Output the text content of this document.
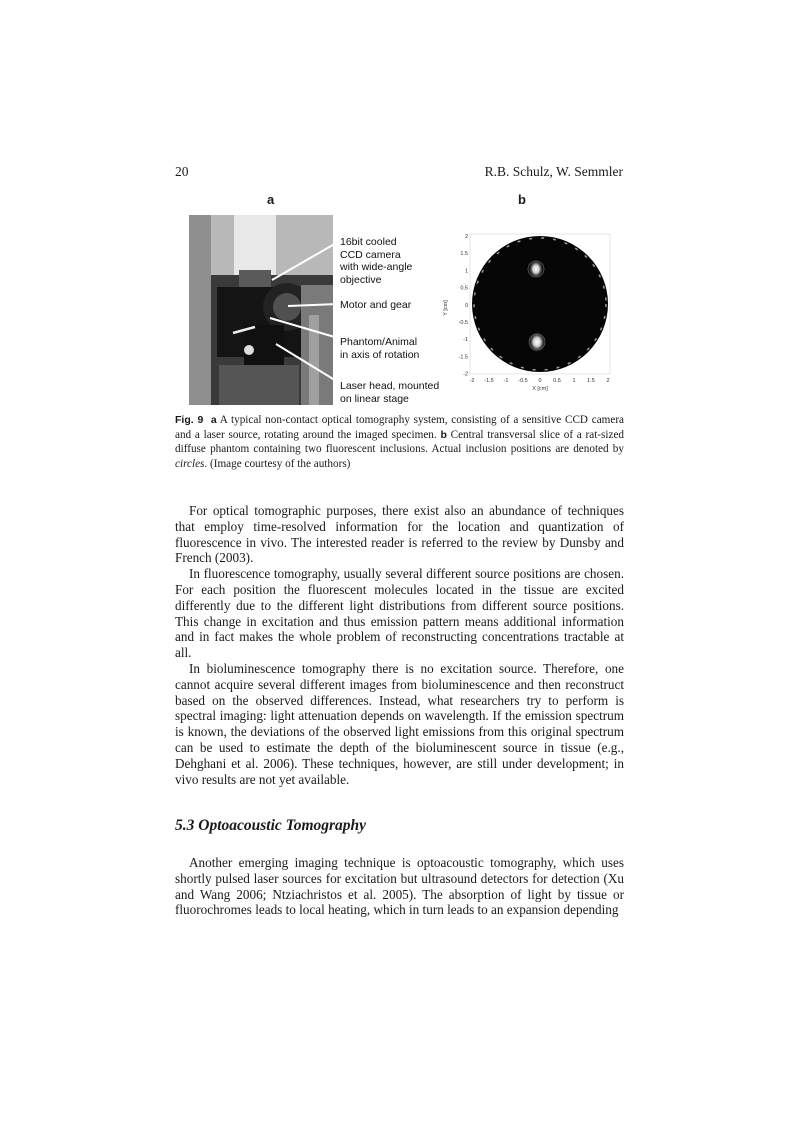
20	R.B. Schulz, W. Semmler
a	b
16bit cooled
CCD camera
with wide-angle
objective
Motor and gear
Phantom/Animal
in axis of rotation
Laser head, mounted
on linear stage
2
1.5
1
0.5
0
-0.5
-1
-1.5
-2
-2 -1.5 -1 -0.5 0 0.5 1 1.5 2
Y [cm]
X [cm]
Fig. 9 a A typical non-contact optical tomography system, consisting of a sensitive CCD camera and a laser source, rotating around the imaged specimen. b Central transversal slice of a rat-sized diffuse phantom containing two fluorescent inclusions. Actual inclusion positions are denoted by circles. (Image courtesy of the authors)

For optical tomographic purposes, there exist also an abundance of techniques that employ time-resolved information for the location and quantization of fluorescence in vivo. The interested reader is referred to the review by Dunsby and French (2003).

In fluorescence tomography, usually several different source positions are chosen. For each position the fluorescent molecules located in the tissue are excited differently due to the different light distributions from different source positions. This change in excitation and thus emission pattern means additional information and in fact makes the whole problem of reconstructing concentrations tractable at all.

In bioluminescence tomography there is no excitation source. Therefore, one cannot acquire several different images from bioluminescence and then reconstruct based on the observed differences. Instead, what researchers try to perform is spectral imaging: light attenuation depends on wavelength. If the emission spectrum is known, the deviations of the observed light emissions from this original spectrum can be used to estimate the depth of the bioluminescent source in tissue (e.g., Dehghani et al. 2006). These techniques, however, are still under development; in vivo results are not yet available.

5.3 Optoacoustic Tomography

Another emerging imaging technique is optoacoustic tomography, which uses shortly pulsed laser sources for excitation but ultrasound detectors for detection (Xu and Wang 2006; Ntziachristos et al. 2005). The absorption of light by tissue or fluorochromes leads to local heating, which in turn leads to an expansion depending
